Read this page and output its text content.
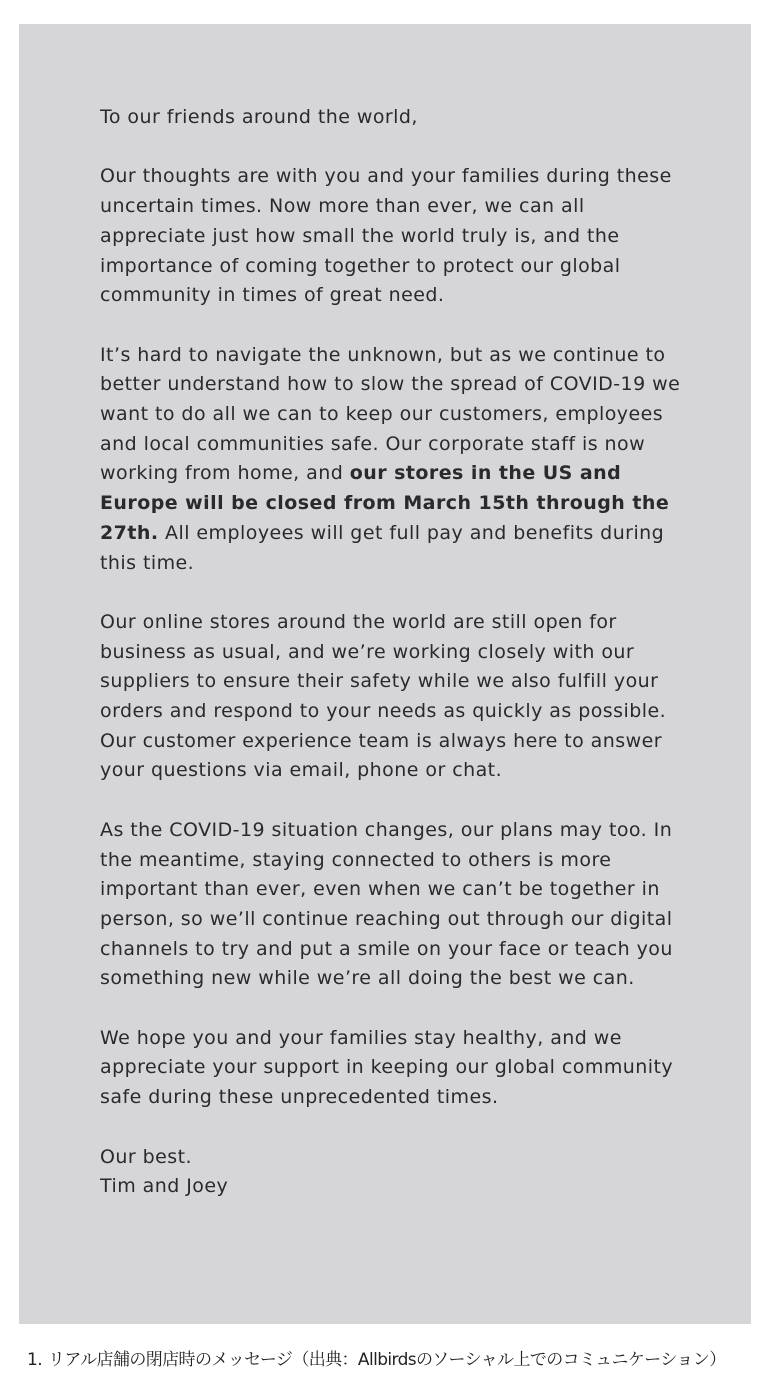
To our friends around the world,

Our thoughts are with you and your families during these uncertain times. Now more than ever, we can all appreciate just how small the world truly is, and the importance of coming together to protect our global community in times of great need.

It’s hard to navigate the unknown, but as we continue to better understand how to slow the spread of COVID-19 we want to do all we can to keep our customers, employees and local communities safe. Our corporate staff is now working from home, and our stores in the US and Europe will be closed from March 15th through the 27th. All employees will get full pay and benefits during this time.

Our online stores around the world are still open for business as usual, and we’re working closely with our suppliers to ensure their safety while we also fulfill your orders and respond to your needs as quickly as possible. Our customer experience team is always here to answer your questions via email, phone or chat.

As the COVID-19 situation changes, our plans may too. In the meantime, staying connected to others is more important than ever, even when we can’t be together in person, so we’ll continue reaching out through our digital channels to try and put a smile on your face or teach you something new while we’re all doing the best we can.

We hope you and your families stay healthy, and we appreciate your support in keeping our global community safe during these unprecedented times.

Our best.
Tim and Joey

1. リアル店舗の閉店時のメッセージ（出典：Allbirdsのソーシャル上でのコミュニケーション）
